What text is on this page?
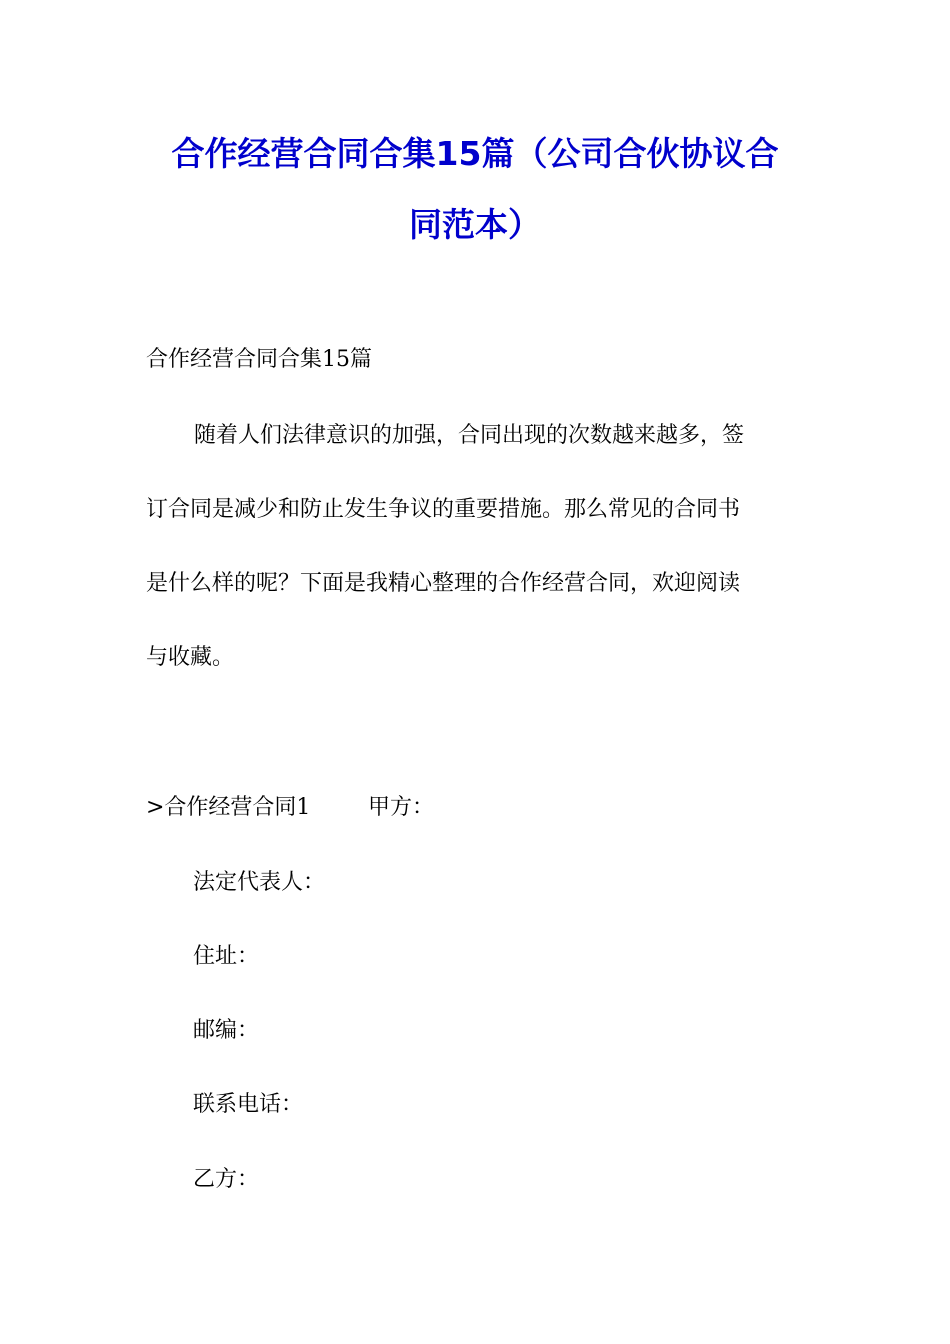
合作经营合同合集15篇（公司合伙协议合
同范本）
合作经营合同合集15篇
随着人们法律意识的加强，合同出现的次数越来越多，签
订合同是减少和防止发生争议的重要措施。那么常见的合同书
是什么样的呢？下面是我精心整理的合作经营合同，欢迎阅读
与收藏。
>合作经营合同1	甲方：
法定代表人：
住址：
邮编：
联系电话：
乙方：
